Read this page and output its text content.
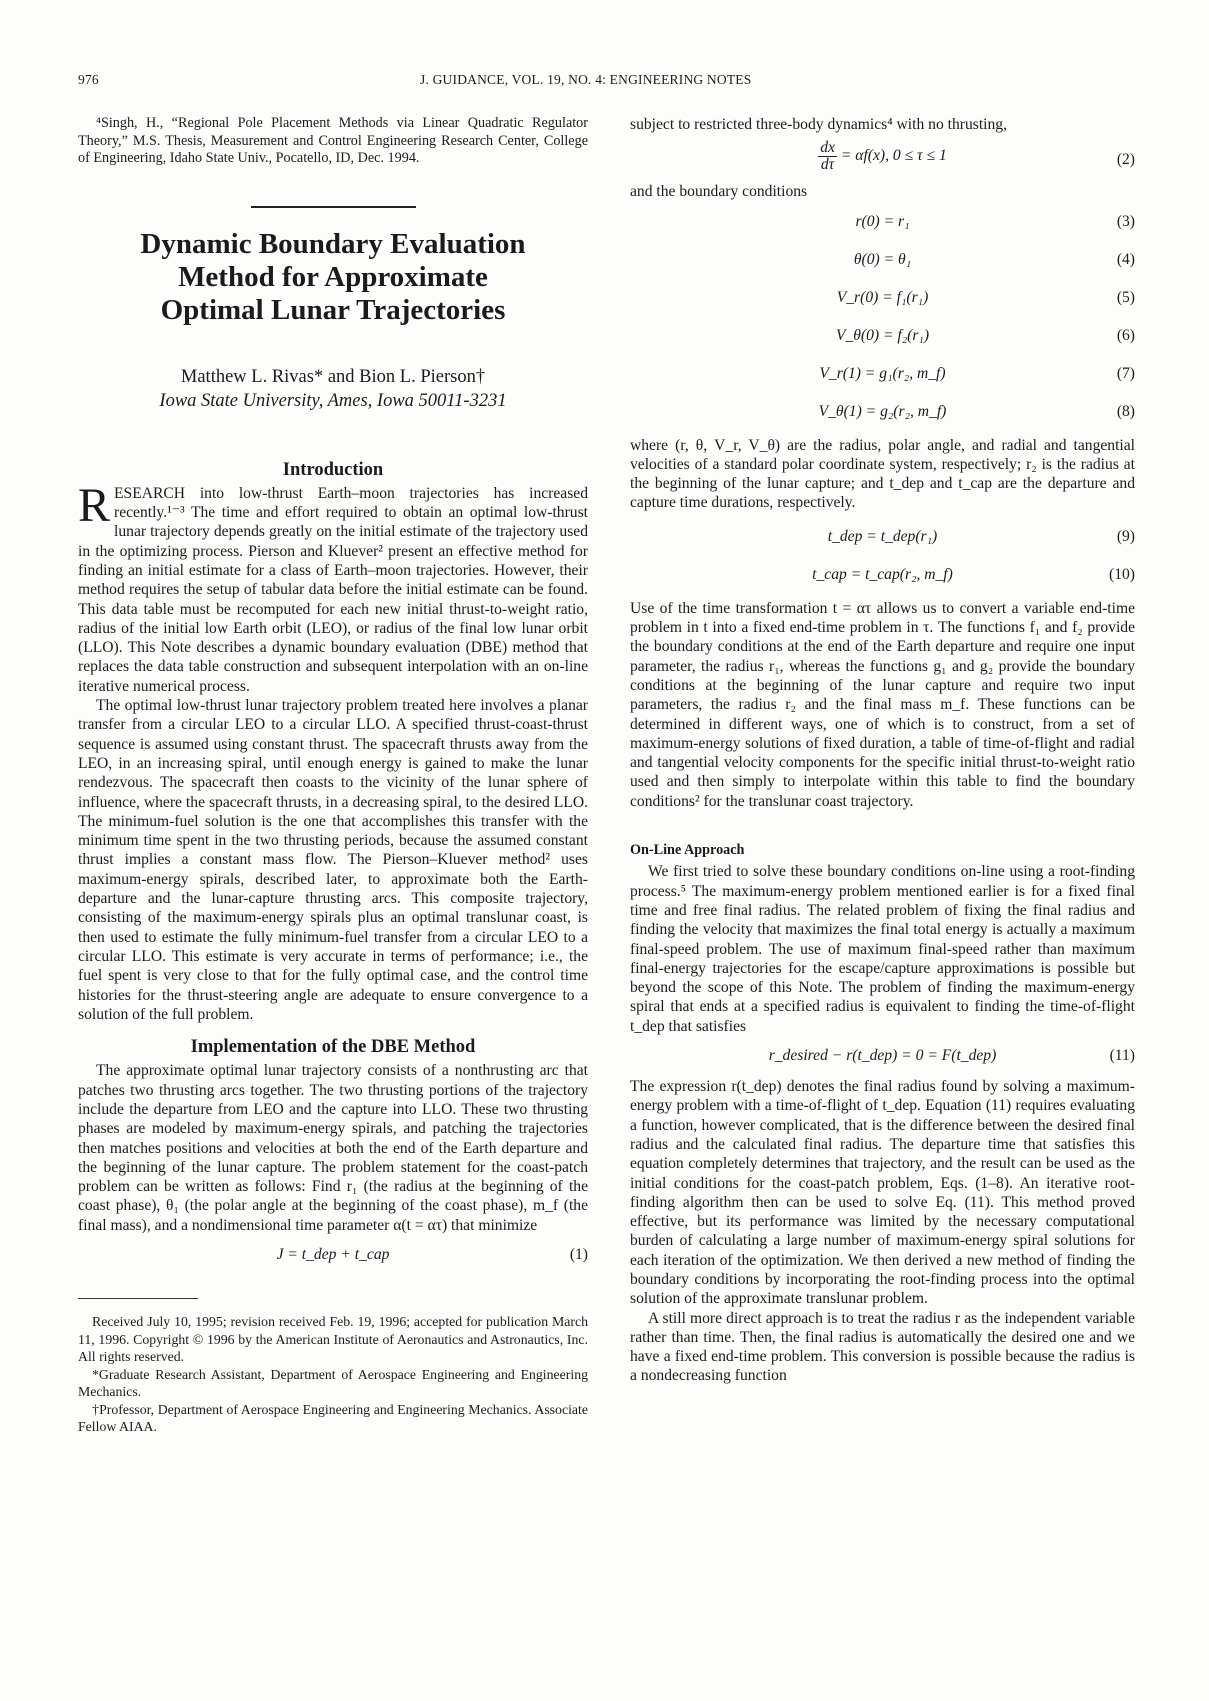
976	J. GUIDANCE, VOL. 19, NO. 4: ENGINEERING NOTES

⁴Singh, H., “Regional Pole Placement Methods via Linear Quadratic Regulator Theory,” M.S. Thesis, Measurement and Control Engineering Research Center, College of Engineering, Idaho State Univ., Pocatello, ID, Dec. 1994.

Dynamic Boundary Evaluation
Method for Approximate
Optimal Lunar Trajectories
Matthew L. Rivas* and Bion L. Pierson†
Iowa State University, Ames, Iowa 50011-3231
Introduction

RESEARCH into low-thrust Earth–moon trajectories has increased recently.¹⁻³ The time and effort required to obtain an optimal low-thrust lunar trajectory depends greatly on the initial estimate of the trajectory used in the optimizing process. Pierson and Kluever² present an effective method for finding an initial estimate for a class of Earth–moon trajectories. However, their method requires the setup of tabular data before the initial estimate can be found. This data table must be recomputed for each new initial thrust-to-weight ratio, radius of the initial low Earth orbit (LEO), or radius of the final low lunar orbit (LLO). This Note describes a dynamic boundary evaluation (DBE) method that replaces the data table construction and subsequent interpolation with an on-line iterative numerical process.

The optimal low-thrust lunar trajectory problem treated here involves a planar transfer from a circular LEO to a circular LLO. A specified thrust-coast-thrust sequence is assumed using constant thrust. The spacecraft thrusts away from the LEO, in an increasing spiral, until enough energy is gained to make the lunar rendezvous. The spacecraft then coasts to the vicinity of the lunar sphere of influence, where the spacecraft thrusts, in a decreasing spiral, to the desired LLO. The minimum-fuel solution is the one that accomplishes this transfer with the minimum time spent in the two thrusting periods, because the assumed constant thrust implies a constant mass flow. The Pierson–Kluever method² uses maximum-energy spirals, described later, to approximate both the Earth-departure and the lunar-capture thrusting arcs. This composite trajectory, consisting of the maximum-energy spirals plus an optimal translunar coast, is then used to estimate the fully minimum-fuel transfer from a circular LEO to a circular LLO. This estimate is very accurate in terms of performance; i.e., the fuel spent is very close to that for the fully optimal case, and the control time histories for the thrust-steering angle are adequate to ensure convergence to a solution of the full problem.

Implementation of the DBE Method

The approximate optimal lunar trajectory consists of a nonthrusting arc that patches two thrusting arcs together. The two thrusting portions of the trajectory include the departure from LEO and the capture into LLO. These two thrusting phases are modeled by maximum-energy spirals, and patching the trajectories then matches positions and velocities at both the end of the Earth departure and the beginning of the lunar capture. The problem statement for the coast-patch problem can be written as follows: Find r₁ (the radius at the beginning of the coast phase), θ₁ (the polar angle at the beginning of the coast phase), m_f (the final mass), and a nondimensional time parameter α(t = ατ) that minimize

J = t_dep + t_cap	(1)

Received July 10, 1995; revision received Feb. 19, 1996; accepted for publication March 11, 1996. Copyright © 1996 by the American Institute of Aeronautics and Astronautics, Inc. All rights reserved.

*Graduate Research Assistant, Department of Aerospace Engineering and Engineering Mechanics.

†Professor, Department of Aerospace Engineering and Engineering Mechanics. Associate Fellow AIAA.

subject to restricted three-body dynamics⁴ with no thrusting,

$\frac{dx}{d\tau} = \alpha f(x)$, 0 ≤ τ ≤ 1	(2)

and the boundary conditions

r(0) = r₁	(3)
θ(0) = θ₁	(4)
V_r(0) = f₁(r₁)	(5)
V_θ(0) = f₂(r₁)	(6)
V_r(1) = g₁(r₂, m_f)	(7)
V_θ(1) = g₂(r₂, m_f)	(8)

where (r, θ, V_r, V_θ) are the radius, polar angle, and radial and tangential velocities of a standard polar coordinate system, respectively; r₂ is the radius at the beginning of the lunar capture; and t_dep and t_cap are the departure and capture time durations, respectively.

t_dep = t_dep(r₁)	(9)
t_cap = t_cap(r₂, m_f)	(10)

Use of the time transformation t = ατ allows us to convert a variable end-time problem in t into a fixed end-time problem in τ. The functions f₁ and f₂ provide the boundary conditions at the end of the Earth departure and require one input parameter, the radius r₁, whereas the functions g₁ and g₂ provide the boundary conditions at the beginning of the lunar capture and require two input parameters, the radius r₂ and the final mass m_f. These functions can be determined in different ways, one of which is to construct, from a set of maximum-energy solutions of fixed duration, a table of time-of-flight and radial and tangential velocity components for the specific initial thrust-to-weight ratio used and then simply to interpolate within this table to find the boundary conditions² for the translunar coast trajectory.

On-Line Approach

We first tried to solve these boundary conditions on-line using a root-finding process.⁵ The maximum-energy problem mentioned earlier is for a fixed final time and free final radius. The related problem of fixing the final radius and finding the velocity that maximizes the final total energy is actually a maximum final-speed problem. The use of maximum final-speed rather than maximum final-energy trajectories for the escape/capture approximations is possible but beyond the scope of this Note. The problem of finding the maximum-energy spiral that ends at a specified radius is equivalent to finding the time-of-flight t_dep that satisfies

r_desired − r(t_dep) = 0 = F(t_dep)	(11)

The expression r(t_dep) denotes the final radius found by solving a maximum-energy problem with a time-of-flight of t_dep. Equation (11) requires evaluating a function, however complicated, that is the difference between the desired final radius and the calculated final radius. The departure time that satisfies this equation completely determines that trajectory, and the result can be used as the initial conditions for the coast-patch problem, Eqs. (1–8). An iterative root-finding algorithm then can be used to solve Eq. (11). This method proved effective, but its performance was limited by the necessary computational burden of calculating a large number of maximum-energy spiral solutions for each iteration of the optimization. We then derived a new method of finding the boundary conditions by incorporating the root-finding process into the optimal solution of the approximate translunar problem.

A still more direct approach is to treat the radius r as the independent variable rather than time. Then, the final radius is automatically the desired one and we have a fixed end-time problem. This conversion is possible because the radius is a nondecreasing function
